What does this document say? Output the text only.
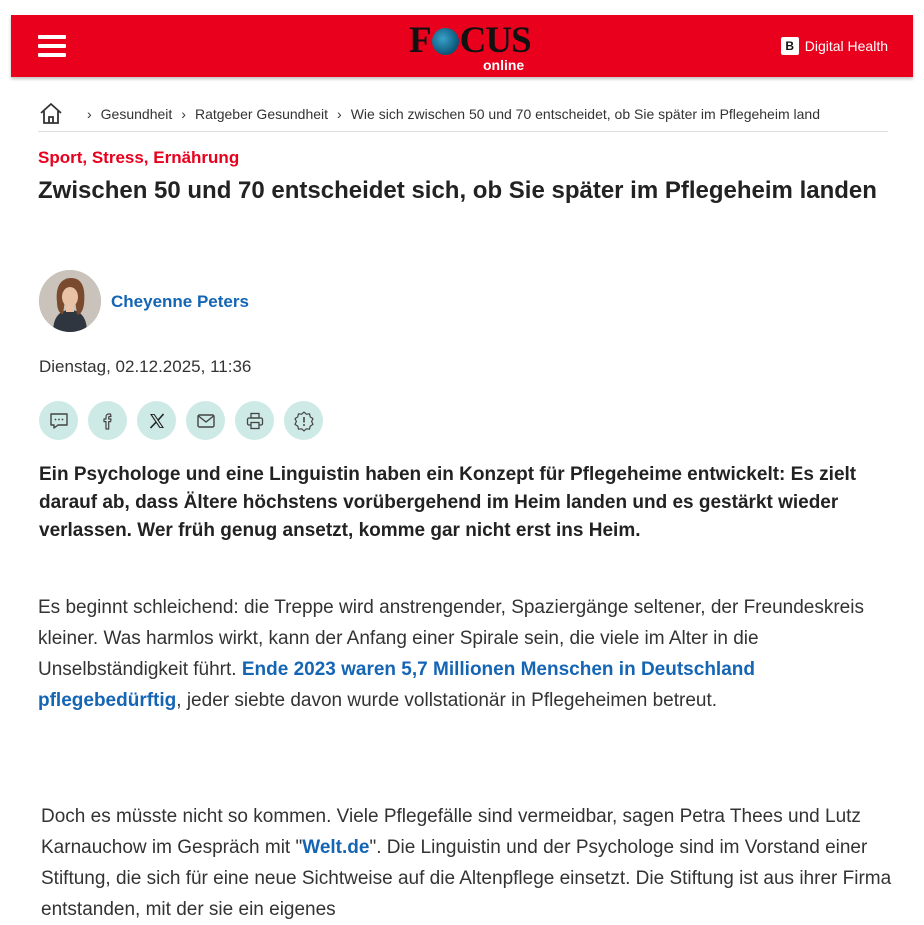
F CUS
online
B Digital Health
› Gesundheit › Ratgeber Gesundheit › Wie sich zwischen 50 und 70 entscheidet, ob Sie später im Pflegeheim land
Sport, Stress, Ernährung
Zwischen 50 und 70 entscheidet sich, ob Sie später im Pflegeheim landen
Cheyenne Peters
Dienstag, 02.12.2025, 11:36

Ein Psychologe und eine Linguistin haben ein Konzept für Pflegeheime entwickelt: Es zielt darauf ab, dass Ältere höchstens vorübergehend im Heim landen und es gestärkt wieder verlassen. Wer früh genug ansetzt, komme gar nicht erst ins Heim.

Es beginnt schleichend: die Treppe wird anstrengender, Spaziergänge seltener, der Freundeskreis kleiner. Was harmlos wirkt, kann der Anfang einer Spirale sein, die viele im Alter in die Unselbständigkeit führt. Ende 2023 waren 5,7 Millionen Menschen in Deutschland pflegebedürftig, jeder siebte davon wurde vollstationär in Pflegeheimen betreut.

Doch es müsste nicht so kommen. Viele Pflegefälle sind vermeidbar, sagen Petra Thees und Lutz Karnauchow im Gespräch mit "Welt.de". Die Linguistin und der Psychologe sind im Vorstand einer Stiftung, die sich für eine neue Sichtweise auf die Altenpflege einsetzt. Die Stiftung ist aus ihrer Firma entstanden, mit der sie ein eigenes
